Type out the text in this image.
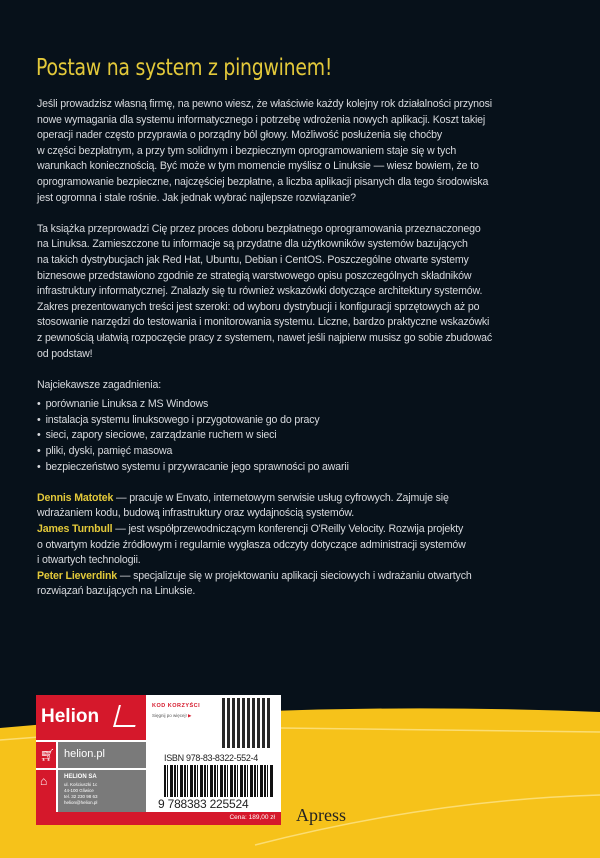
Postaw na system z pingwinem!
Jeśli prowadzisz własną firmę, na pewno wiesz, że właściwie każdy kolejny rok działalności przynosi
nowe wymagania dla systemu informatycznego i potrzebę wdrożenia nowych aplikacji. Koszt takiej
operacji nader często przyprawia o porządny ból głowy. Możliwość posłużenia się choćby
w części bezpłatnym, a przy tym solidnym i bezpiecznym oprogramowaniem staje się w tych
warunkach koniecznością. Być może w tym momencie myślisz o Linuksie — wiesz bowiem, że to
oprogramowanie bezpieczne, najczęściej bezpłatne, a liczba aplikacji pisanych dla tego środowiska
jest ogromna i stale rośnie. Jak jednak wybrać najlepsze rozwiązanie?
Ta książka przeprowadzi Cię przez proces doboru bezpłatnego oprogramowania przeznaczonego
na Linuksa. Zamieszczone tu informacje są przydatne dla użytkowników systemów bazujących
na takich dystrybucjach jak Red Hat, Ubuntu, Debian i CentOS. Poszczególne otwarte systemy
biznesowe przedstawiono zgodnie ze strategią warstwowego opisu poszczególnych składników
infrastruktury informatycznej. Znalazły się tu również wskazówki dotyczące architektury systemów.
Zakres prezentowanych treści jest szeroki: od wyboru dystrybucji i konfiguracji sprzętowych aż po
stosowanie narzędzi do testowania i monitorowania systemu. Liczne, bardzo praktyczne wskazówki
z pewnością ułatwią rozpoczęcie pracy z systemem, nawet jeśli najpierw musisz go sobie zbudować
od podstaw!
Najciekawsze zagadnienia:
• porównanie Linuksa z MS Windows
• instalacja systemu linuksowego i przygotowanie go do pracy
• sieci, zapory sieciowe, zarządzanie ruchem w sieci
• pliki, dyski, pamięć masowa
• bezpieczeństwo systemu i przywracanie jego sprawności po awarii
Dennis Matotek — pracuje w Envato, internetowym serwisie usług cyfrowych. Zajmuje się
wdrażaniem kodu, budową infrastruktury oraz wydajnością systemów.
James Turnbull — jest współprzewodniczącym konferencji O'Reilly Velocity. Rozwija projekty
o otwartym kodzie źródłowym i regularnie wygłasza odczyty dotyczące administracji systemów
i otwartych technologii.
Peter Lieverdink — specjalizuje się w projektowaniu aplikacji sieciowych i wdrażaniu otwartych
rozwiązań bazujących na Linuksie.
Helion
🛒︎ helion.pl
⌂	HELION SA
ul. Kościuszki 1c
44-100 Gliwice
tel. 32 230 98 63
helion@helion.pl
KOD KORZYŚCI
Sięgnij po więcej! ▶
ISBN 978-83-8322-552-4
9 788383 225524
Cena: 189,00 zł Apress
